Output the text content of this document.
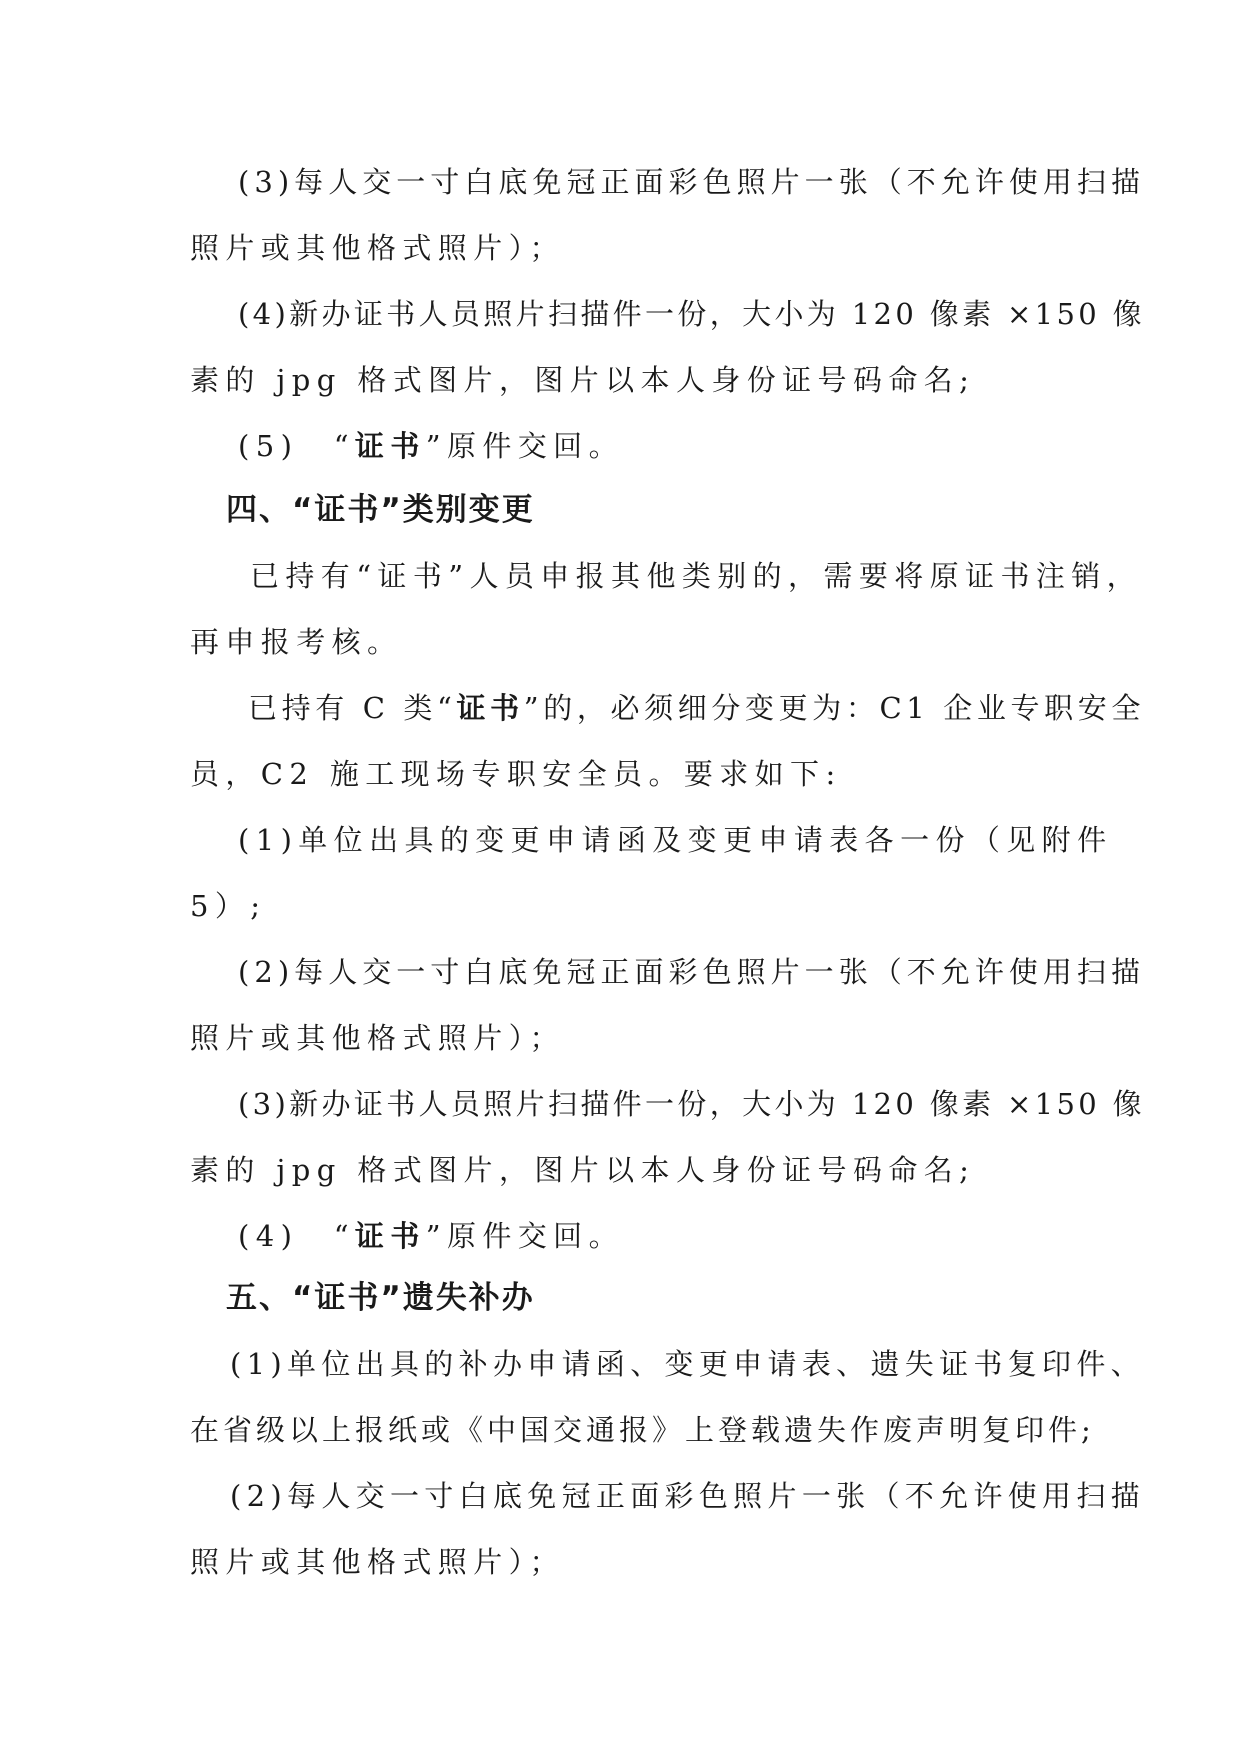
(3)每人交一寸白底免冠正面彩色照片一张（不允许使用扫描

照片或其他格式照片）；

(4)新办证书人员照片扫描件一份，大小为 120 像素 ×150 像

素的 jpg 格式图片，图片以本人身份证号码命名;

(5)　“证书”原件交回。

四、“证书”类别变更

已持有“证书”人员申报其他类别的，需要将原证书注销，

再申报考核。

已持有 C 类“证书”的，必须细分变更为：C1 企业专职安全

员，C2 施工现场专职安全员。要求如下:

(1)单位出具的变更申请函及变更申请表各一份（见附件

5）;

(2)每人交一寸白底免冠正面彩色照片一张（不允许使用扫描

照片或其他格式照片）；

(3)新办证书人员照片扫描件一份，大小为 120 像素 ×150 像

素的 jpg 格式图片，图片以本人身份证号码命名;

(4)　“证书”原件交回。

五、“证书”遗失补办

(1)单位出具的补办申请函、变更申请表、遗失证书复印件、

在省级以上报纸或《中国交通报》上登载遗失作废声明复印件;

(2)每人交一寸白底免冠正面彩色照片一张（不允许使用扫描

照片或其他格式照片）；
